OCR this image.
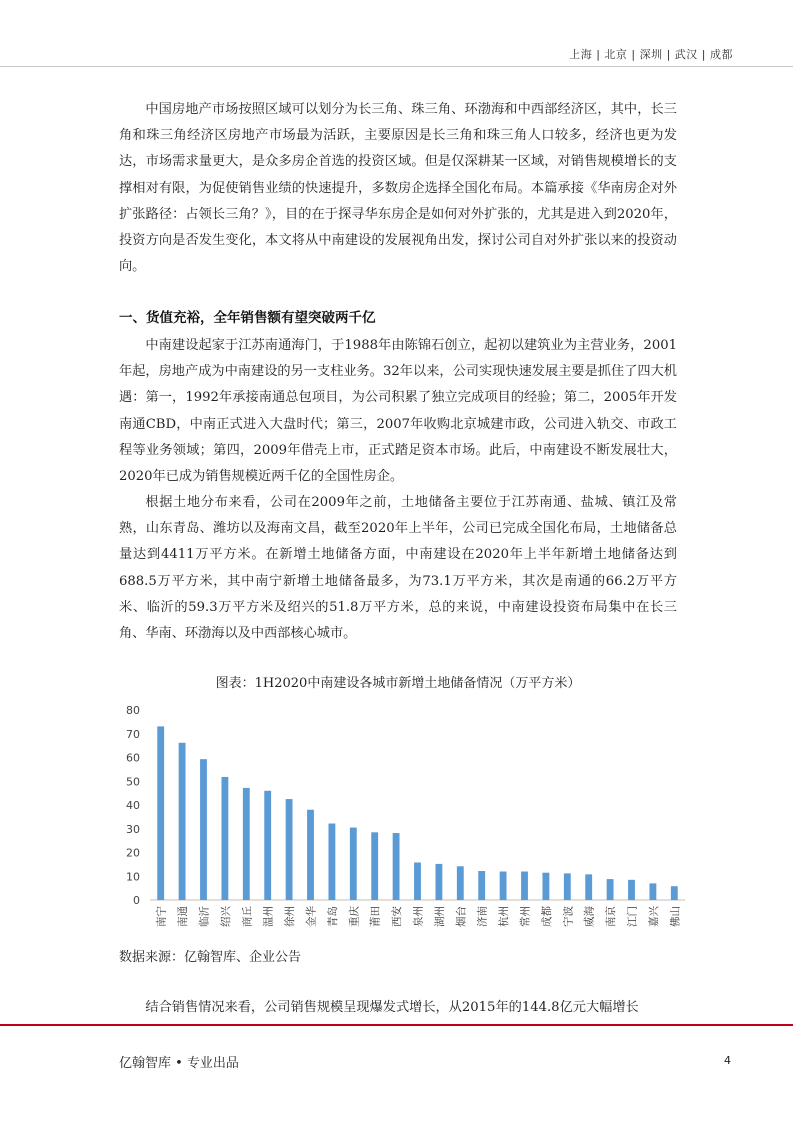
上海 | 北京 | 深圳 | 武汉 | 成都

中国房地产市场按照区域可以划分为长三角、珠三角、环渤海和中西部经济区，其中，长三角和珠三角经济区房地产市场最为活跃，主要原因是长三角和珠三角人口较多，经济也更为发达，市场需求量更大，是众多房企首选的投资区域。但是仅深耕某一区域，对销售规模增长的支撑相对有限，为促使销售业绩的快速提升，多数房企选择全国化布局。本篇承接《华南房企对外扩张路径：占领长三角？》，目的在于探寻华东房企是如何对外扩张的，尤其是进入到2020年，投资方向是否发生变化，本文将从中南建设的发展视角出发，探讨公司自对外扩张以来的投资动向。

一、货值充裕，全年销售额有望突破两千亿

中南建设起家于江苏南通海门，于1988年由陈锦石创立，起初以建筑业为主营业务，2001年起，房地产成为中南建设的另一支柱业务。32年以来，公司实现快速发展主要是抓住了四大机遇：第一，1992年承接南通总包项目，为公司积累了独立完成项目的经验；第二，2005年开发南通CBD，中南正式进入大盘时代；第三，2007年收购北京城建市政，公司进入轨交、市政工程等业务领域；第四，2009年借壳上市，正式踏足资本市场。此后，中南建设不断发展壮大，2020年已成为销售规模近两千亿的全国性房企。

根据土地分布来看，公司在2009年之前，土地储备主要位于江苏南通、盐城、镇江及常熟，山东青岛、潍坊以及海南文昌，截至2020年上半年，公司已完成全国化布局，土地储备总量达到4411万平方米。在新增土地储备方面，中南建设在2020年上半年新增土地储备达到688.5万平方米，其中南宁新增土地储备最多，为73.1万平方米，其次是南通的66.2万平方米、临沂的59.3万平方米及绍兴的51.8万平方米，总的来说，中南建设投资布局集中在长三角、华南、环渤海以及中西部核心城市。

图表：1H2020中南建设各城市新增土地储备情况（万平方米）
0
10
20
30
40
50
60
70
80
南宁 南通 临沂 绍兴 商丘 温州 徐州 金华 青岛 重庆 莆田 西安 泉州 湖州 烟台 济南 杭州 常州 成都 宁波 威海 南京 江门 嘉兴 佛山
数据来源：亿翰智库、企业公告

结合销售情况来看，公司销售规模呈现爆发式增长，从2015年的144.8亿元大幅增长

亿翰智库 • 专业出品	4
